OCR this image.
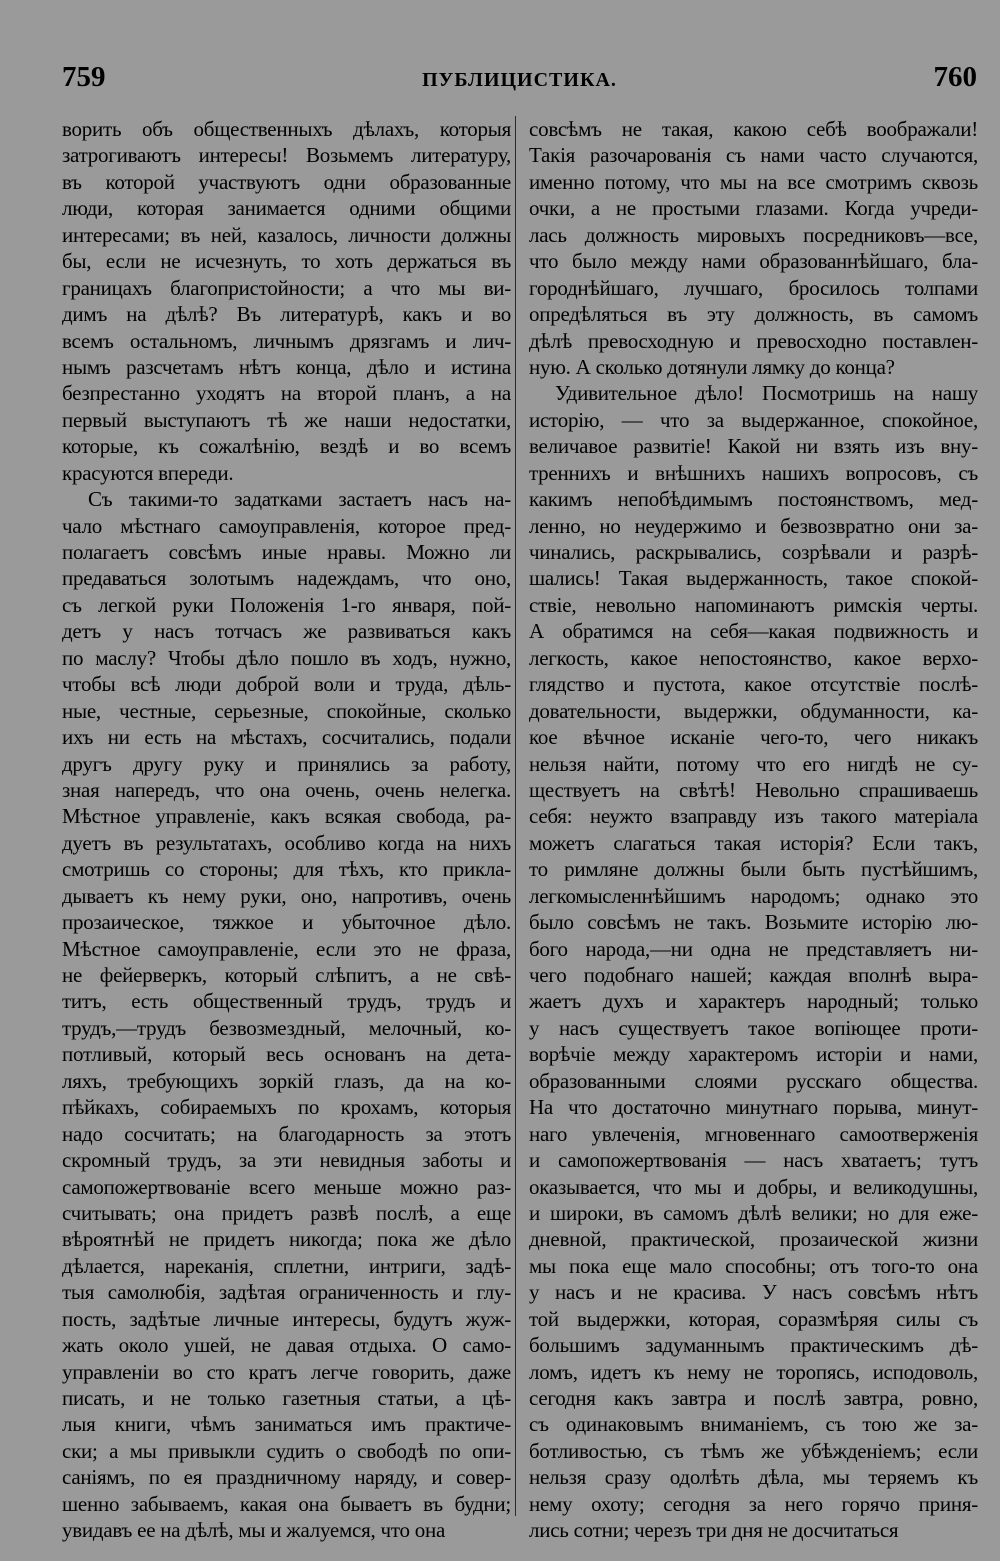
759	ПУБЛИЦИСТИКА.	760
ворить объ общественныхъ дѣлахъ, которыя
затрогиваютъ интересы! Возьмемъ литературу,
въ которой участвуютъ одни образованные
люди, которая занимается одними общими
интересами; въ ней, казалось, личности должны
бы, если не исчезнуть, то хоть держаться въ
границахъ благопристойности; а что мы ви-
димъ на дѣлѣ? Въ литературѣ, какъ и во
всемъ остальномъ, личнымъ дрязгамъ и лич-
нымъ разсчетамъ нѣтъ конца, дѣло и истина
безпрестанно уходятъ на второй планъ, а на
первый выступаютъ тѣ же наши недостатки,
которые, къ сожалѣнію, вездѣ и во всемъ
красуются впереди.
Съ такими-то задатками застаетъ насъ на-
чало мѣстнаго самоуправленія, которое пред-
полагаетъ совсѣмъ иные нравы. Можно ли
предаваться золотымъ надеждамъ, что оно,
съ легкой руки Положенія 1-го января, пой-
детъ у насъ тотчасъ же развиваться какъ
по маслу? Чтобы дѣло пошло въ ходъ, нужно,
чтобы всѣ люди доброй воли и труда, дѣль-
ные, честные, серьезные, спокойные, сколько
ихъ ни есть на мѣстахъ, сосчитались, подали
другъ другу руку и принялись за работу,
зная напередъ, что она очень, очень нелегка.
Мѣстное управленіе, какъ всякая свобода, ра-
дуетъ въ результатахъ, особливо когда на нихъ
смотришь со стороны; для тѣхъ, кто прикла-
дываетъ къ нему руки, оно, напротивъ, очень
прозаическое, тяжкое и убыточное дѣло.
Мѣстное самоуправленіе, если это не фраза,
не фейерверкъ, который слѣпитъ, а не свѣ-
титъ, есть общественный трудъ, трудъ и
трудъ,—трудъ безвозмездный, мелочный, ко-
потливый, который весь основанъ на дета-
ляхъ, требующихъ зоркій глазъ, да на ко-
пѣйкахъ, собираемыхъ по крохамъ, которыя
надо сосчитать; на благодарность за этотъ
скромный трудъ, за эти невидныя заботы и
самопожертвованіе всего меньше можно раз-
считывать; она придетъ развѣ послѣ, а еще
вѣроятнѣй не придетъ никогда; пока же дѣло
дѣлается, нареканія, сплетни, интриги, задѣ-
тыя самолюбія, задѣтая ограниченность и глу-
пость, задѣтые личные интересы, будутъ жуж-
жать около ушей, не давая отдыха. О само-
управленіи во сто кратъ легче говорить, даже
писать, и не только газетныя статьи, а цѣ-
лыя книги, чѣмъ заниматься имъ практиче-
ски; а мы привыкли судить о свободѣ по опи-
саніямъ, по ея праздничному наряду, и совер-
шенно забываемъ, какая она бываетъ въ будни;
увидавъ ее на дѣлѣ, мы и жалуемся, что она
совсѣмъ не такая, какою себѣ воображали!
Такія разочарованія съ нами часто случаются,
именно потому, что мы на все смотримъ сквозь
очки, а не простыми глазами. Когда учреди-
лась должность мировыхъ посредниковъ—все,
что было между нами образованнѣйшаго, бла-
городнѣйшаго, лучшаго, бросилось толпами
опредѣляться въ эту должность, въ самомъ
дѣлѣ превосходную и превосходно поставлен-
ную. А сколько дотянули лямку до конца?
Удивительное дѣло! Посмотришь на нашу
исторію, — что за выдержанное, спокойное,
величавое развитіе! Какой ни взять изъ вну-
треннихъ и внѣшнихъ нашихъ вопросовъ, съ
какимъ непобѣдимымъ постоянствомъ, мед-
ленно, но неудержимо и безвозвратно они за-
чинались, раскрывались, созрѣвали и разрѣ-
шались! Такая выдержанность, такое спокой-
ствіе, невольно напоминаютъ римскія черты.
А обратимся на себя—какая подвижность и
легкость, какое непостоянство, какое верхо-
глядство и пустота, какое отсутствіе послѣ-
довательности, выдержки, обдуманности, ка-
кое вѣчное исканіе чего-то, чего никакъ
нельзя найти, потому что его нигдѣ не су-
ществуетъ на свѣтѣ! Невольно спрашиваешь
себя: неужто взаправду изъ такого матеріала
можетъ слагаться такая исторія? Если такъ,
то римляне должны были быть пустѣйшимъ,
легкомысленнѣйшимъ народомъ; однако это
было совсѣмъ не такъ. Возьмите исторію лю-
бого народа,—ни одна не представляетъ ни-
чего подобнаго нашей; каждая вполнѣ выра-
жаетъ духъ и характеръ народный; только
у насъ существуетъ такое вопіющее проти-
ворѣчіе между характеромъ исторіи и нами,
образованными слоями русскаго общества.
На что достаточно минутнаго порыва, минут-
наго увлеченія, мгновеннаго самоотверженія
и самопожертвованія — насъ хватаетъ; тутъ
оказывается, что мы и добры, и великодушны,
и широки, въ самомъ дѣлѣ велики; но для еже-
дневной, практической, прозаической жизни
мы пока еще мало способны; отъ того-то она
у насъ и не красива. У насъ совсѣмъ нѣтъ
той выдержки, которая, соразмѣряя силы съ
большимъ задуманнымъ практическимъ дѣ-
ломъ, идетъ къ нему не торопясь, исподоволь,
сегодня какъ завтра и послѣ завтра, ровно,
съ одинаковымъ вниманіемъ, съ тою же за-
ботливостью, съ тѣмъ же убѣжденіемъ; если
нельзя сразу одолѣть дѣла, мы теряемъ къ
нему охоту; сегодня за него горячо приня-
лись сотни; черезъ три дня не досчитаться
